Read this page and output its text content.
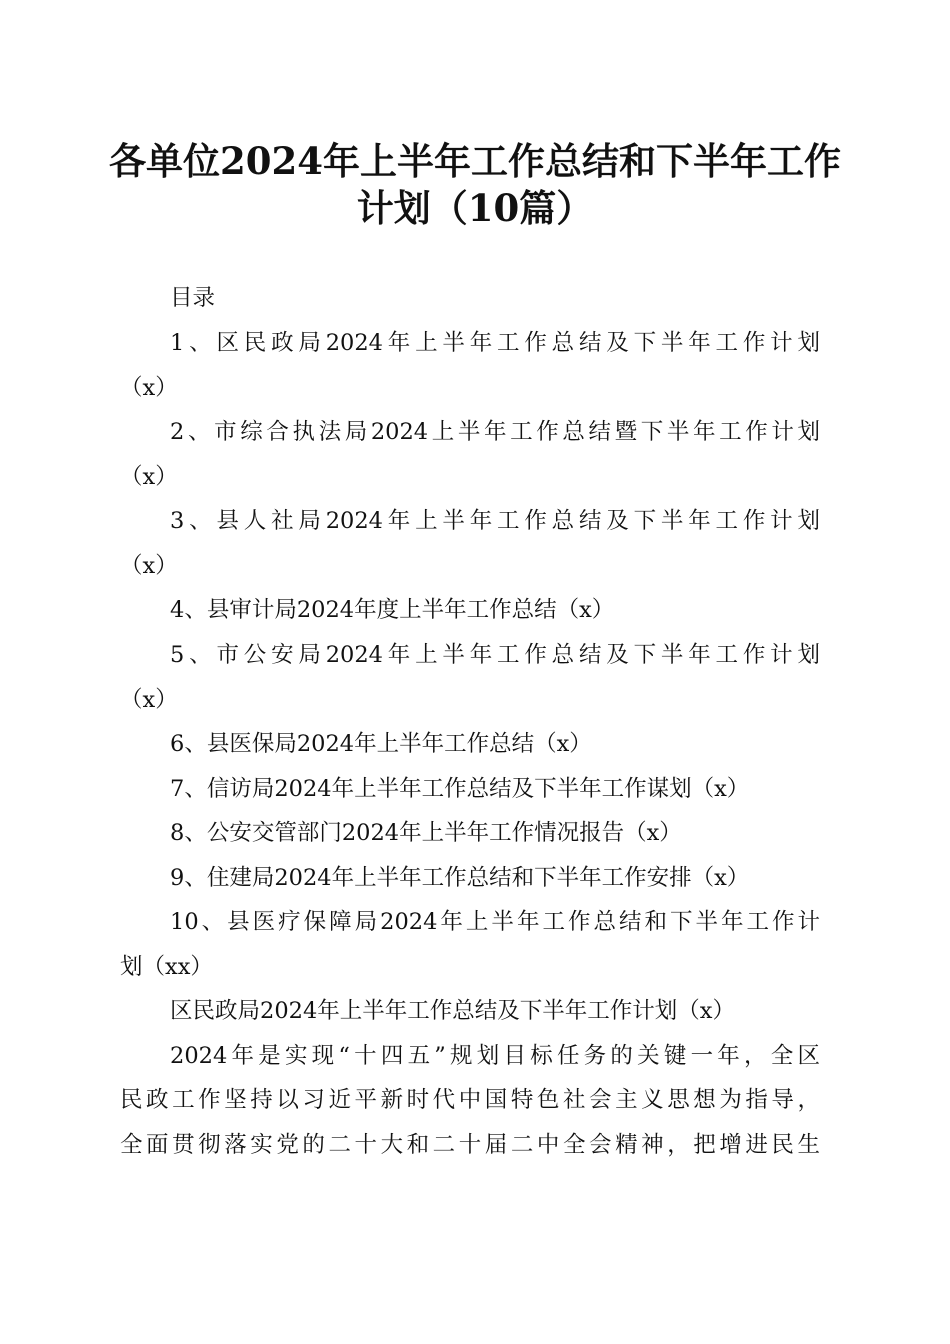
各单位2024年上半年工作总结和下半年工作
计划（10篇）

目录

1、区民政局2024年上半年工作总结及下半年工作计划

（x）

2、市综合执法局2024上半年工作总结暨下半年工作计划

（x）

3、县人社局2024年上半年工作总结及下半年工作计划

（x）

4、县审计局2024年度上半年工作总结（x）

5、市公安局2024年上半年工作总结及下半年工作计划

（x）

6、县医保局2024年上半年工作总结（x）

7、信访局2024年上半年工作总结及下半年工作谋划（x）

8、公安交管部门2024年上半年工作情况报告（x）

9、住建局2024年上半年工作总结和下半年工作安排（x）

10、县医疗保障局2024年上半年工作总结和下半年工作计

划（xx）

区民政局2024年上半年工作总结及下半年工作计划（x）

2024年是实现“十四五”规划目标任务的关键一年，全区

民政工作坚持以习近平新时代中国特色社会主义思想为指导，

全面贯彻落实党的二十大和二十届二中全会精神，把增进民生
